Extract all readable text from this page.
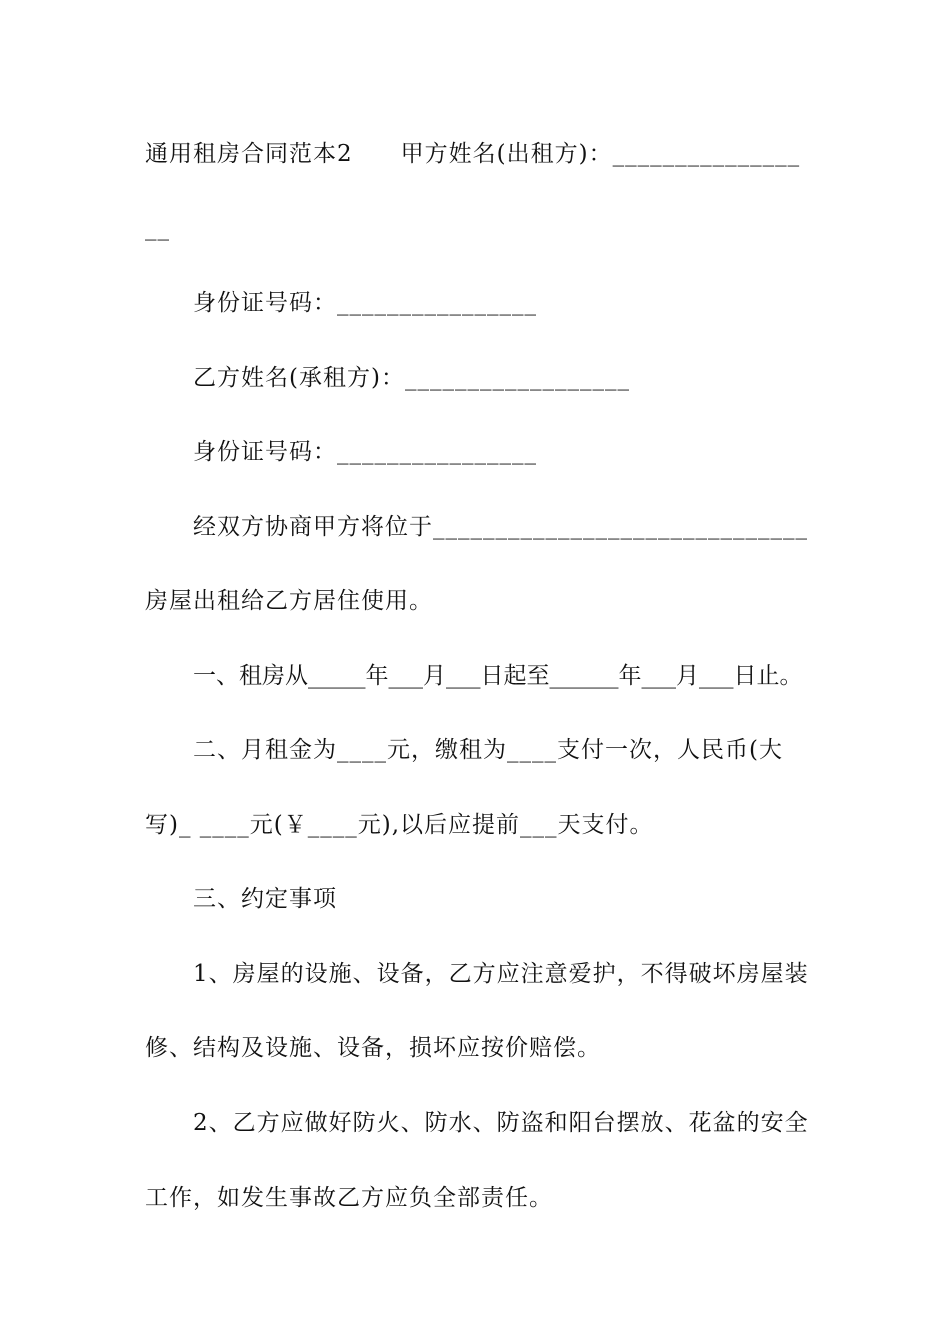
通用租房合同范本2　　甲方姓名(出租方)：_______________
__
身份证号码：________________
乙方姓名(承租方)：__________________
身份证号码：________________
经双方协商甲方将位于______________________________
房屋出租给乙方居住使用。
一、租房从_____年___月___日起至______年___月___日止。
二、月租金为____元，缴租为____支付一次，人民币(大
写)_ ____元(￥____元),以后应提前___天支付。
三、约定事项
1、房屋的设施、设备，乙方应注意爱护，不得破坏房屋装
修、结构及设施、设备，损坏应按价赔偿。
2、乙方应做好防火、防水、防盗和阳台摆放、花盆的安全
工作，如发生事故乙方应负全部责任。
